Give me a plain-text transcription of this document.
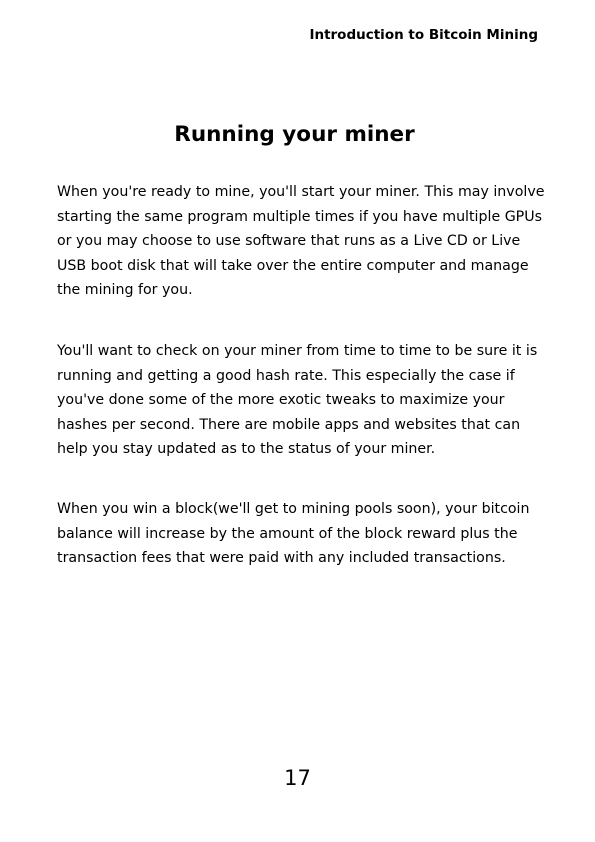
Introduction to Bitcoin Mining
Running your miner

When you're ready to mine, you'll start your miner. This may involve
starting the same program multiple times if you have multiple GPUs
or you may choose to use software that runs as a Live CD or Live
USB boot disk that will take over the entire computer and manage
the mining for you.

You'll want to check on your miner from time to time to be sure it is
running and getting a good hash rate. This especially the case if
you've done some of the more exotic tweaks to maximize your
hashes per second. There are mobile apps and websites that can
help you stay updated as to the status of your miner.

When you win a block(we'll get to mining pools soon), your bitcoin
balance will increase by the amount of the block reward plus the
transaction fees that were paid with any included transactions.

17
